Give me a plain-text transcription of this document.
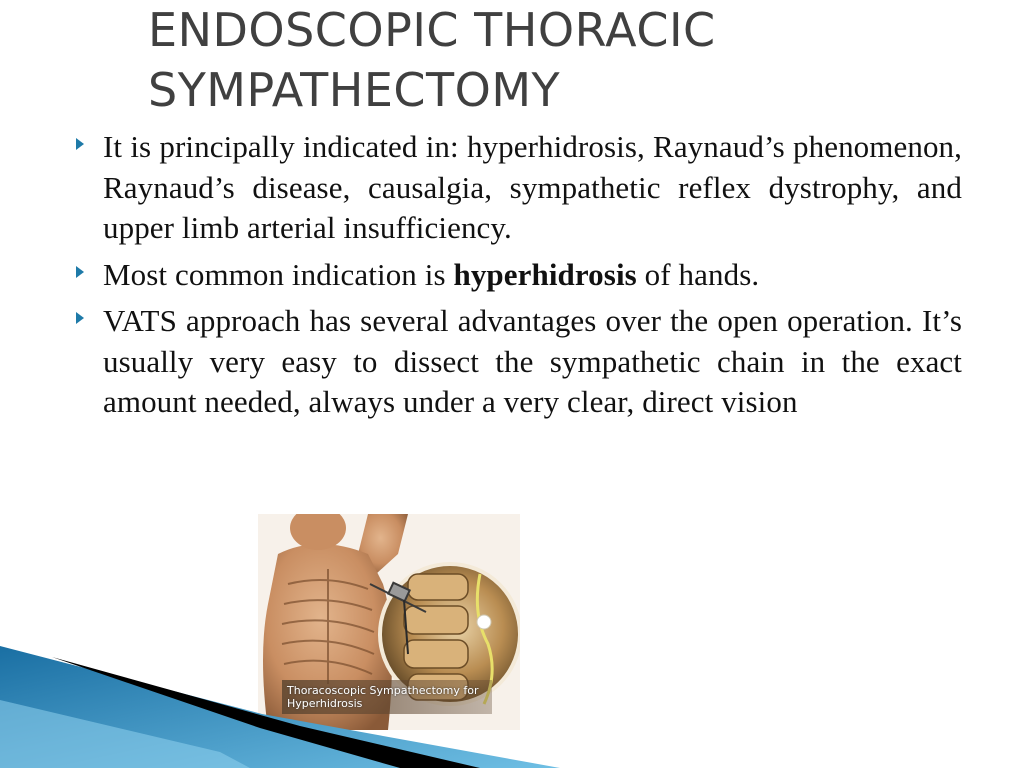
ENDOSCOPIC THORACIC
SYMPATHECTOMY

It is principally indicated in: hyperhidrosis, Raynaud’s phenomenon, Raynaud’s disease, causalgia, sympathetic reflex dystrophy, and upper limb arterial insufficiency.

Most common indication is hyperhidrosis of hands.

VATS approach has several advantages over the open operation. It’s usually very easy to dissect the sympathetic chain in the exact amount needed, always under a very clear, direct vision

Thoracoscopic Sympathectomy for
Hyperhidrosis
